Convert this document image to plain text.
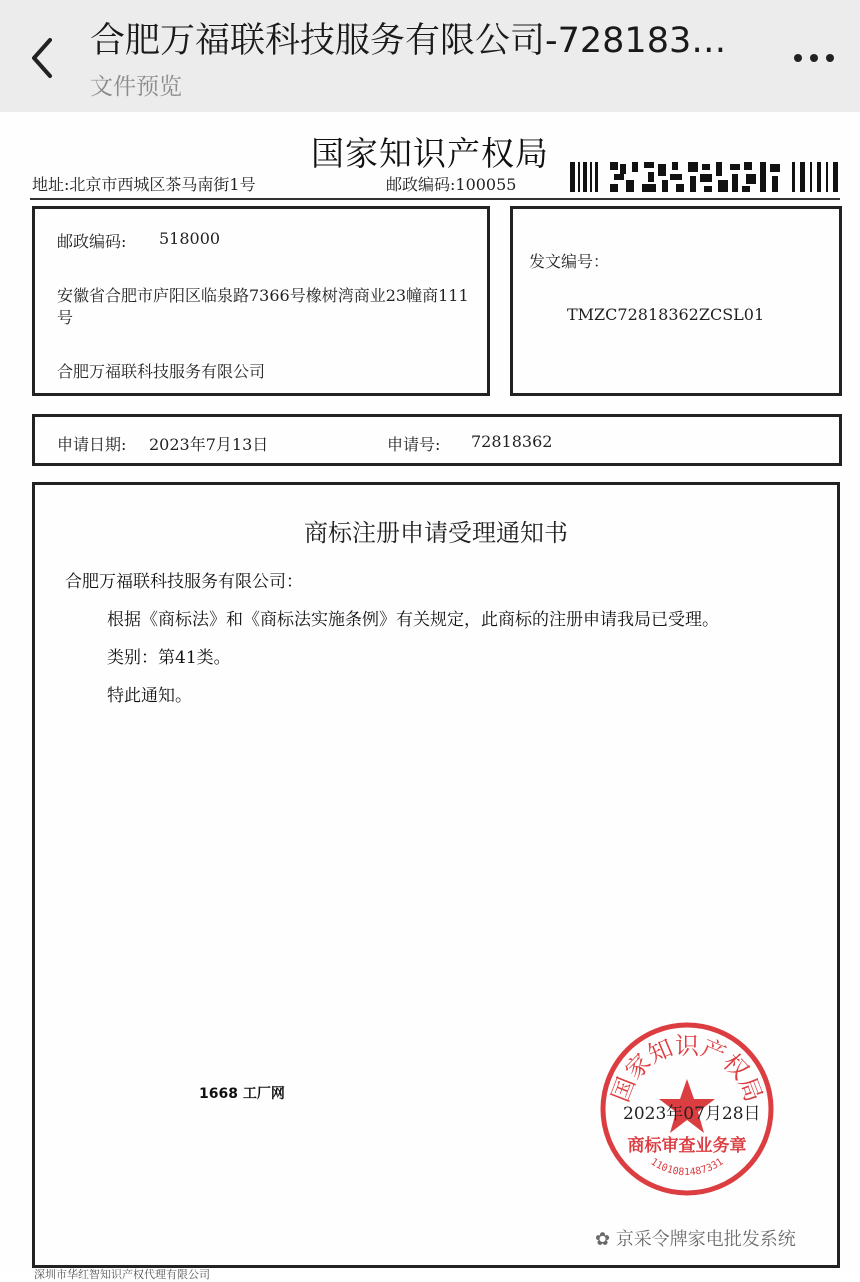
合肥万福联科技服务有限公司-728183…
文件预览
国家知识产权局
地址:北京市西城区茶马南街1号	邮政编码:100055
邮政编码: 518000
安徽省合肥市庐阳区临泉路7366号橡树湾商业23幢商111
号
合肥万福联科技服务有限公司
发文编号：
TMZC72818362ZCSL01
申请日期: 2023年7月13日	申请号: 72818362
商标注册申请受理通知书
合肥万福联科技服务有限公司：
根据《商标法》和《商标法实施条例》有关规定，此商标的注册申请我局已受理。
类别：第41类。
特此通知。
1668 工厂网	国家知识产权局
商标审查业务章
1101081487331
2023年07月28日
✿ 京采令牌家电批发系统
深圳市华红智知识产权代理有限公司
